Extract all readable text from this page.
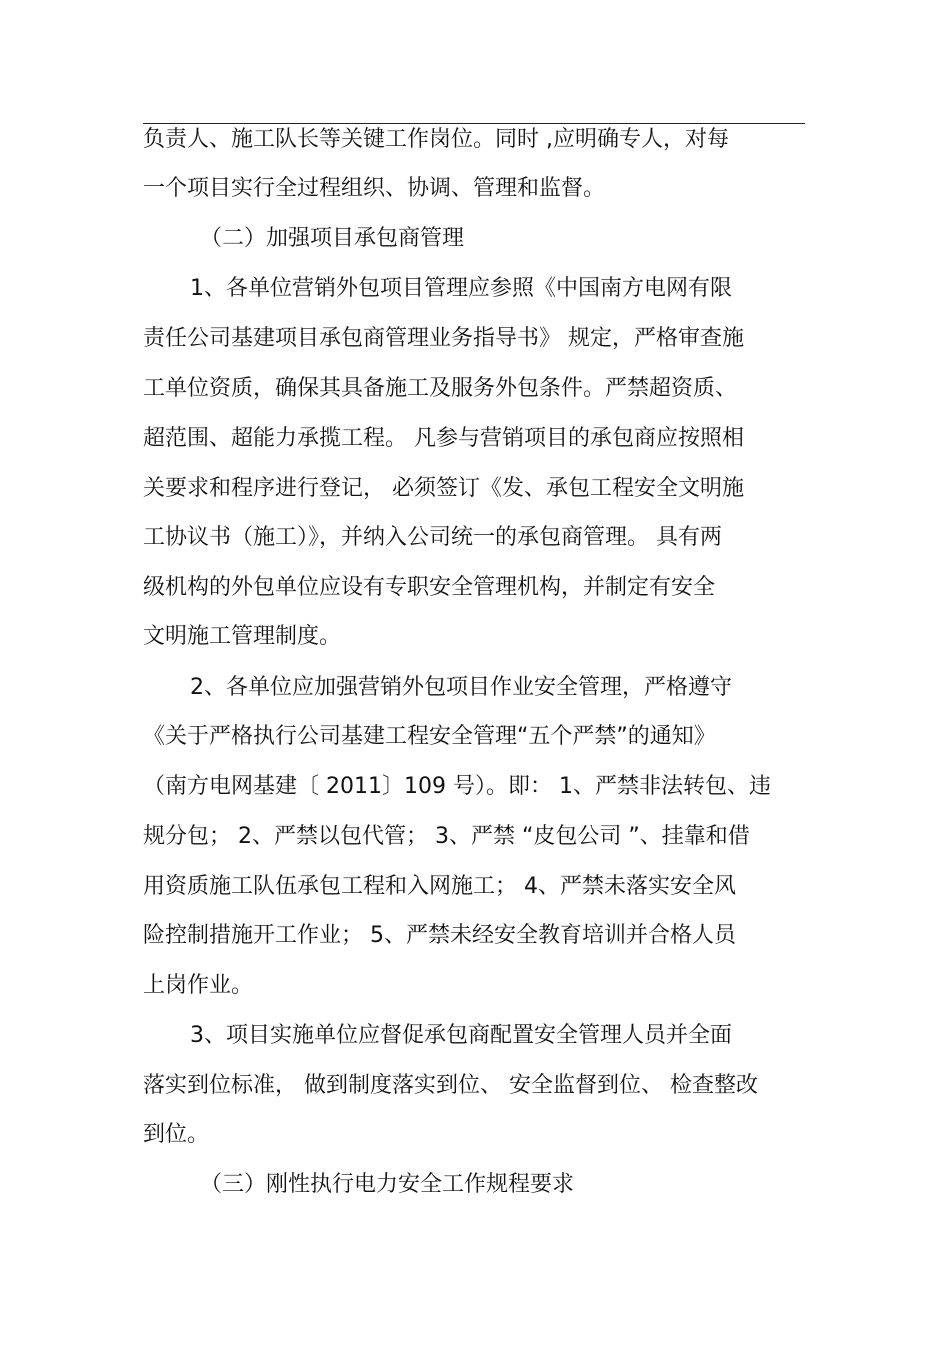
负责人、施工队长等关键工作岗位。同时 ,应明确专人，对每
一个项目实行全过程组织、协调、管理和监督。
（二）加强项目承包商管理
1、各单位营销外包项目管理应参照《中国南方电网有限
责任公司基建项目承包商管理业务指导书》 规定，严格审查施
工单位资质，确保其具备施工及服务外包条件。严禁超资质、
超范围、超能力承揽工程。 凡参与营销项目的承包商应按照相
关要求和程序进行登记， 必须签订《发、承包工程安全文明施
工协议书（施工）》，并纳入公司统一的承包商管理。 具有两
级机构的外包单位应设有专职安全管理机构，并制定有安全
文明施工管理制度。
2、各单位应加强营销外包项目作业安全管理，严格遵守
《关于严格执行公司基建工程安全管理“五个严禁”的通知》
（南方电网基建〔 2011〕109 号）。即： 1、严禁非法转包、违
规分包； 2、严禁以包代管； 3、严禁 “皮包公司 ”、挂靠和借
用资质施工队伍承包工程和入网施工； 4、严禁未落实安全风
险控制措施开工作业； 5、严禁未经安全教育培训并合格人员
上岗作业。
3、项目实施单位应督促承包商配置安全管理人员并全面
落实到位标准， 做到制度落实到位、 安全监督到位、 检查整改
到位。
（三）刚性执行电力安全工作规程要求
